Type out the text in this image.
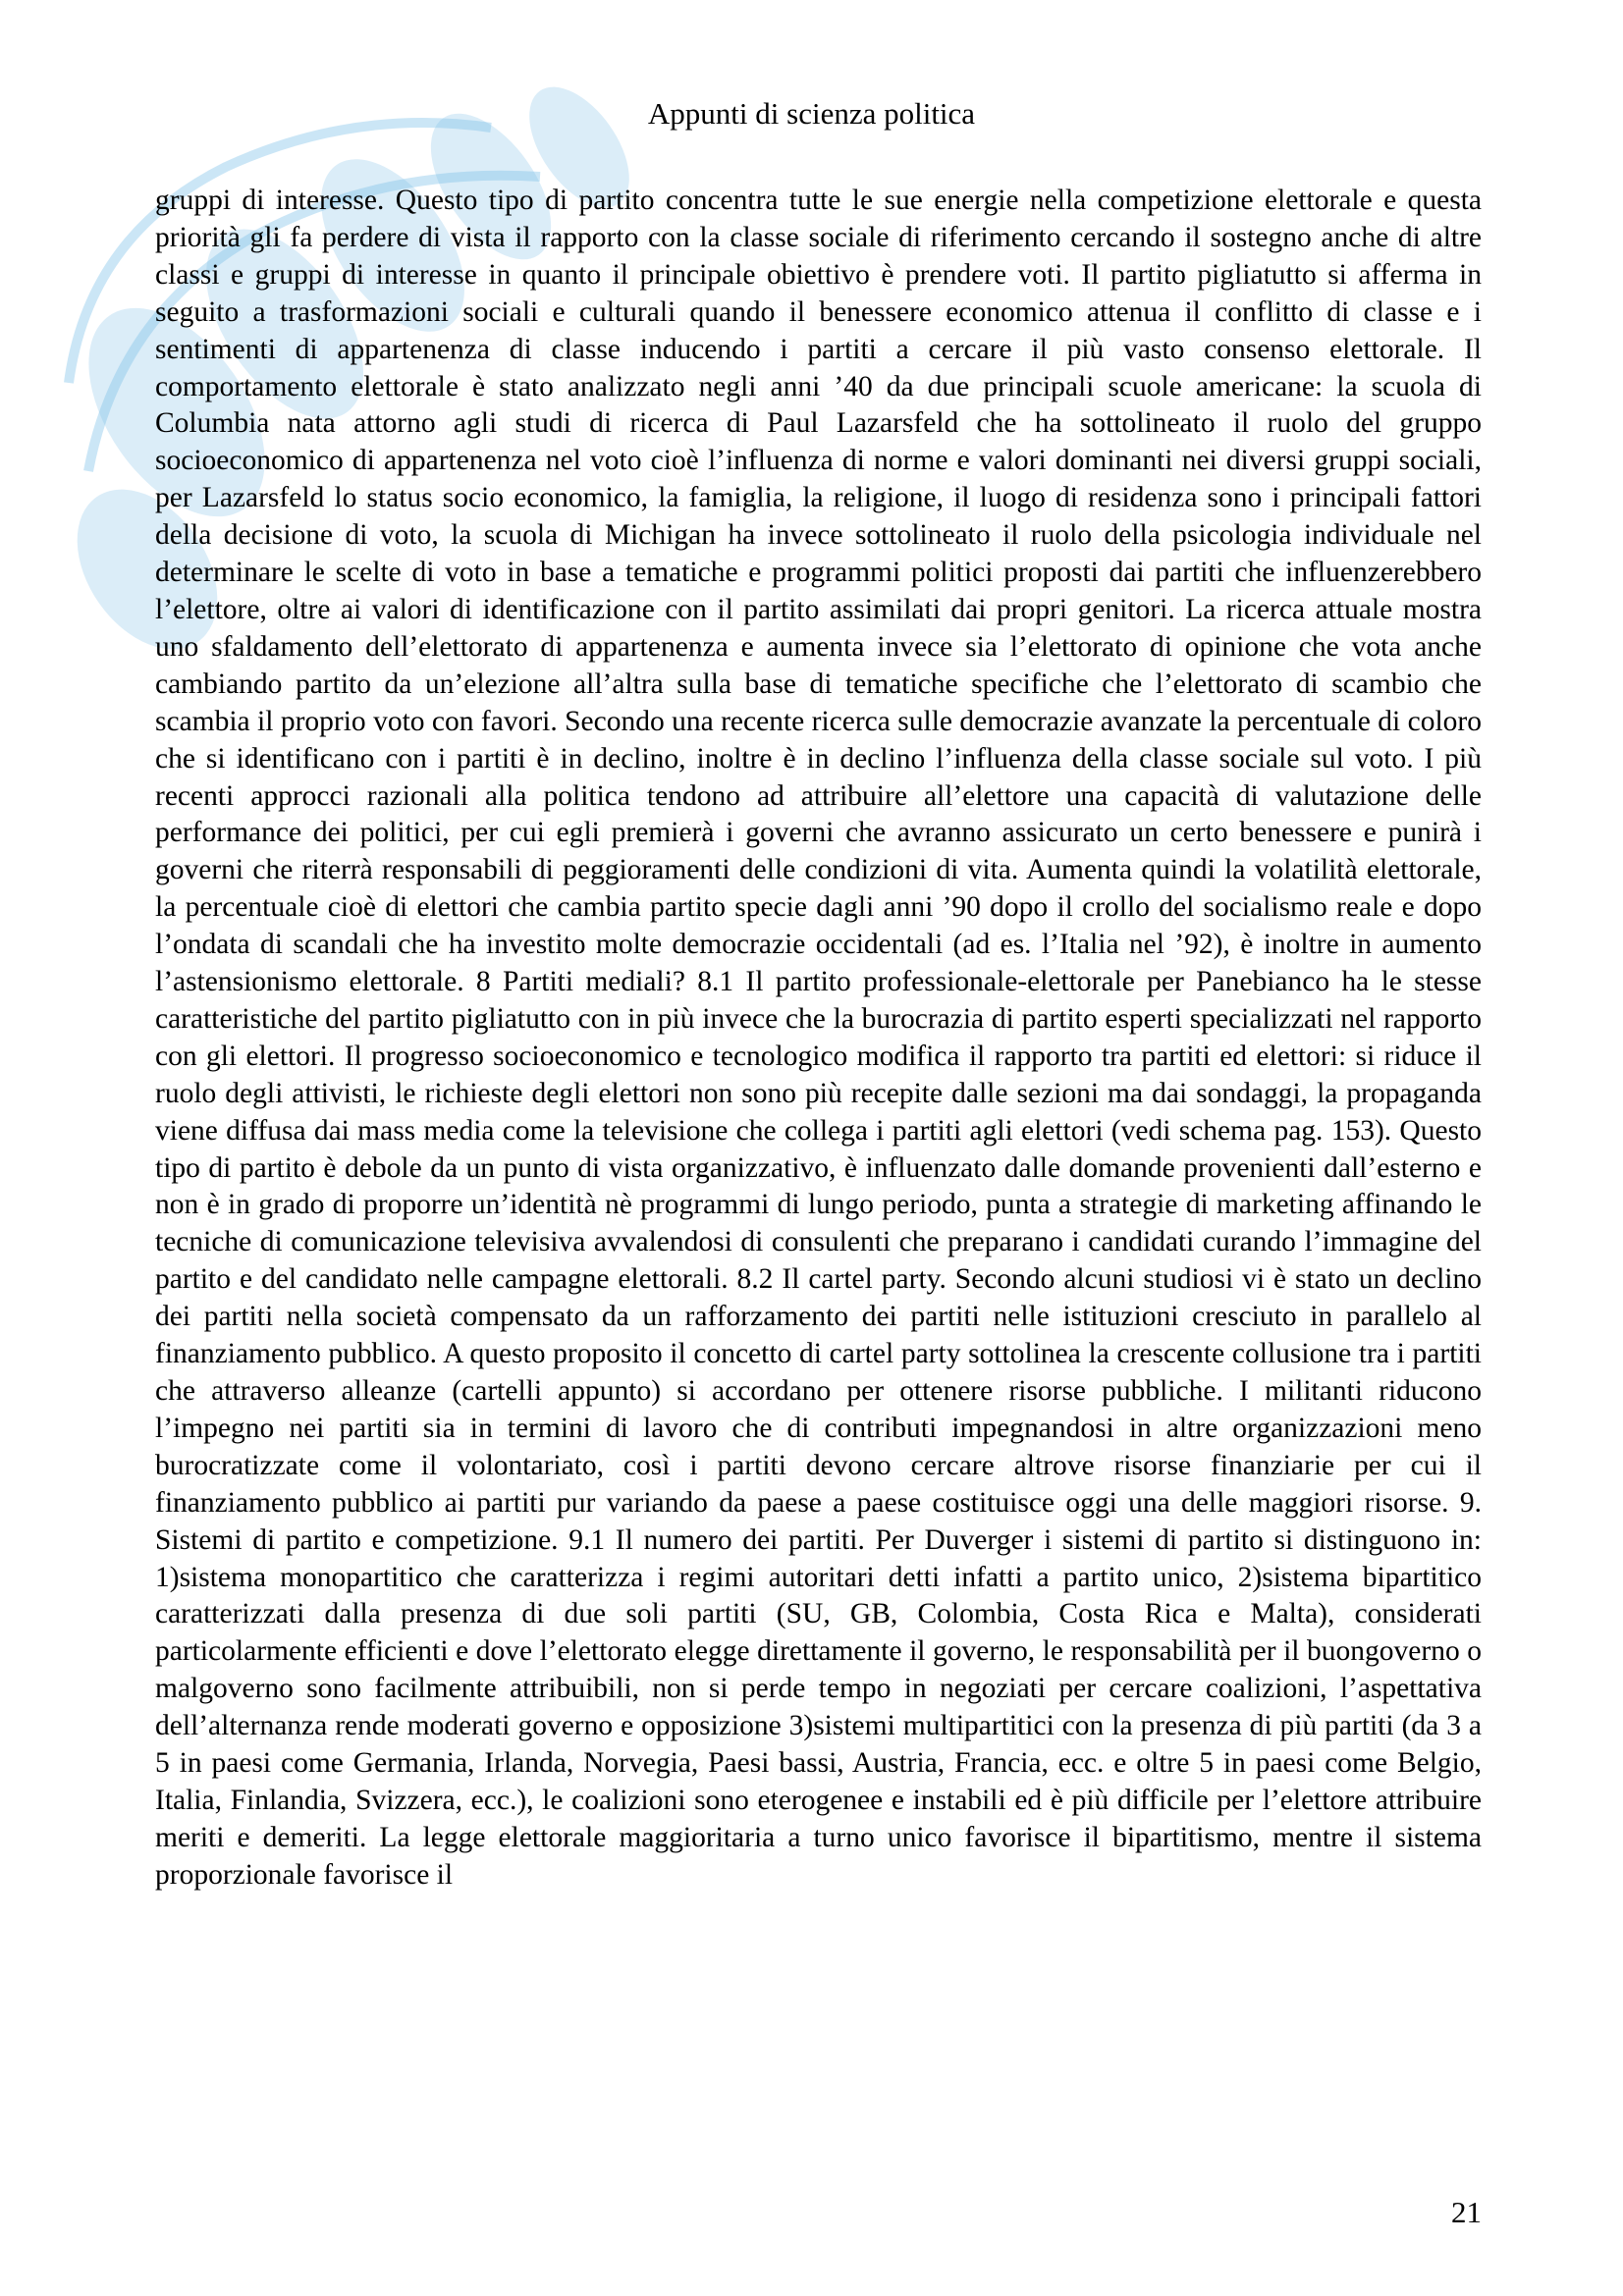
Appunti di scienza politica

gruppi di interesse. Questo tipo di partito concentra tutte le sue energie nella competizione elettorale e questa priorità gli fa perdere di vista il rapporto con la classe sociale di riferimento cercando il sostegno anche di altre classi e gruppi di interesse in quanto il principale obiettivo è prendere voti. Il partito pigliatutto si afferma in seguito a trasformazioni sociali e culturali quando il benessere economico attenua il conflitto di classe e i sentimenti di appartenenza di classe inducendo i partiti a cercare il più vasto consenso elettorale. Il comportamento elettorale è stato analizzato negli anni ’40 da due principali scuole americane: la scuola di Columbia nata attorno agli studi di ricerca di Paul Lazarsfeld che ha sottolineato il ruolo del gruppo socioeconomico di appartenenza nel voto cioè l’influenza di norme e valori dominanti nei diversi gruppi sociali, per Lazarsfeld lo status socio economico, la famiglia, la religione, il luogo di residenza sono i principali fattori della decisione di voto, la scuola di Michigan ha invece sottolineato il ruolo della psicologia individuale nel determinare le scelte di voto in base a tematiche e programmi politici proposti dai partiti che influenzerebbero l’elettore, oltre ai valori di identificazione con il partito assimilati dai propri genitori. La ricerca attuale mostra uno sfaldamento dell’elettorato di appartenenza e aumenta invece sia l’elettorato di opinione che vota anche cambiando partito da un’elezione all’altra sulla base di tematiche specifiche che l’elettorato di scambio che scambia il proprio voto con favori. Secondo una recente ricerca sulle democrazie avanzate la percentuale di coloro che si identificano con i partiti è in declino, inoltre è in declino l’influenza della classe sociale sul voto. I più recenti approcci razionali alla politica tendono ad attribuire all’elettore una capacità di valutazione delle performance dei politici, per cui egli premierà i governi che avranno assicurato un certo benessere e punirà i governi che riterrà responsabili di peggioramenti delle condizioni di vita. Aumenta quindi la volatilità elettorale, la percentuale cioè di elettori che cambia partito specie dagli anni ’90 dopo il crollo del socialismo reale e dopo l’ondata di scandali che ha investito molte democrazie occidentali (ad es. l’Italia nel ’92), è inoltre in aumento l’astensionismo elettorale. 8 Partiti mediali? 8.1 Il partito professionale-elettorale per Panebianco ha le stesse caratteristiche del partito pigliatutto con in più invece che la burocrazia di partito esperti specializzati nel rapporto con gli elettori. Il progresso socioeconomico e tecnologico modifica il rapporto tra partiti ed elettori: si riduce il ruolo degli attivisti, le richieste degli elettori non sono più recepite dalle sezioni ma dai sondaggi, la propaganda viene diffusa dai mass media come la televisione che collega i partiti agli elettori (vedi schema pag. 153). Questo tipo di partito è debole da un punto di vista organizzativo, è influenzato dalle domande provenienti dall’esterno e non è in grado di proporre un’identità nè programmi di lungo periodo, punta a strategie di marketing affinando le tecniche di comunicazione televisiva avvalendosi di consulenti che preparano i candidati curando l’immagine del partito e del candidato nelle campagne elettorali. 8.2 Il cartel party. Secondo alcuni studiosi vi è stato un declino dei partiti nella società compensato da un rafforzamento dei partiti nelle istituzioni cresciuto in parallelo al finanziamento pubblico. A questo proposito il concetto di cartel party sottolinea la crescente collusione tra i partiti che attraverso alleanze (cartelli appunto) si accordano per ottenere risorse pubbliche. I militanti riducono l’impegno nei partiti sia in termini di lavoro che di contributi impegnandosi in altre organizzazioni meno burocratizzate come il volontariato, così i partiti devono cercare altrove risorse finanziarie per cui il finanziamento pubblico ai partiti pur variando da paese a paese costituisce oggi una delle maggiori risorse. 9. Sistemi di partito e competizione. 9.1 Il numero dei partiti. Per Duverger i sistemi di partito si distinguono in: 1)sistema monopartitico che caratterizza i regimi autoritari detti infatti a partito unico, 2)sistema bipartitico caratterizzati dalla presenza di due soli partiti (SU, GB, Colombia, Costa Rica e Malta), considerati particolarmente efficienti e dove l’elettorato elegge direttamente il governo, le responsabilità per il buongoverno o malgoverno sono facilmente attribuibili, non si perde tempo in negoziati per cercare coalizioni, l’aspettativa dell’alternanza rende moderati governo e opposizione 3)sistemi multipartitici con la presenza di più partiti (da 3 a 5 in paesi come Germania, Irlanda, Norvegia, Paesi bassi, Austria, Francia, ecc. e oltre 5 in paesi come Belgio, Italia, Finlandia, Svizzera, ecc.), le coalizioni sono eterogenee e instabili ed è più difficile per l’elettore attribuire meriti e demeriti. La legge elettorale maggioritaria a turno unico favorisce il bipartitismo, mentre il sistema proporzionale favorisce il

21
